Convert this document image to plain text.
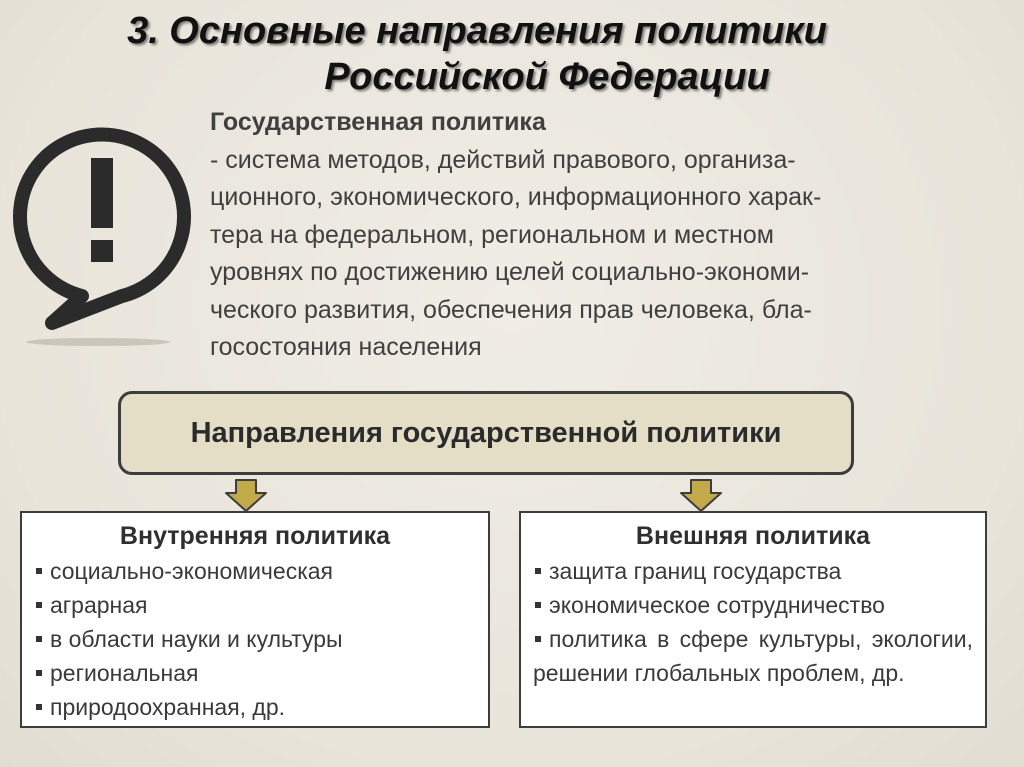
3. Основные направления политики
Российской Федерации
Государственная политика
- система методов, действий правового, организа-
ционного, экономического, информационного харак-
тера на федеральном, региональном и местном
уровнях по достижению целей социально-экономи-
ческого развития, обеспечения прав человека, бла-
госостояния населения
Направления государственной политики
Внутренняя политика
социально-экономическая
аграрная
в области науки и культуры
региональная
природоохранная, др.
Внешняя политика
защита границ государства
экономическое сотрудничество
политика в сфере культуры, экологии, решении глобальных проблем, др.
